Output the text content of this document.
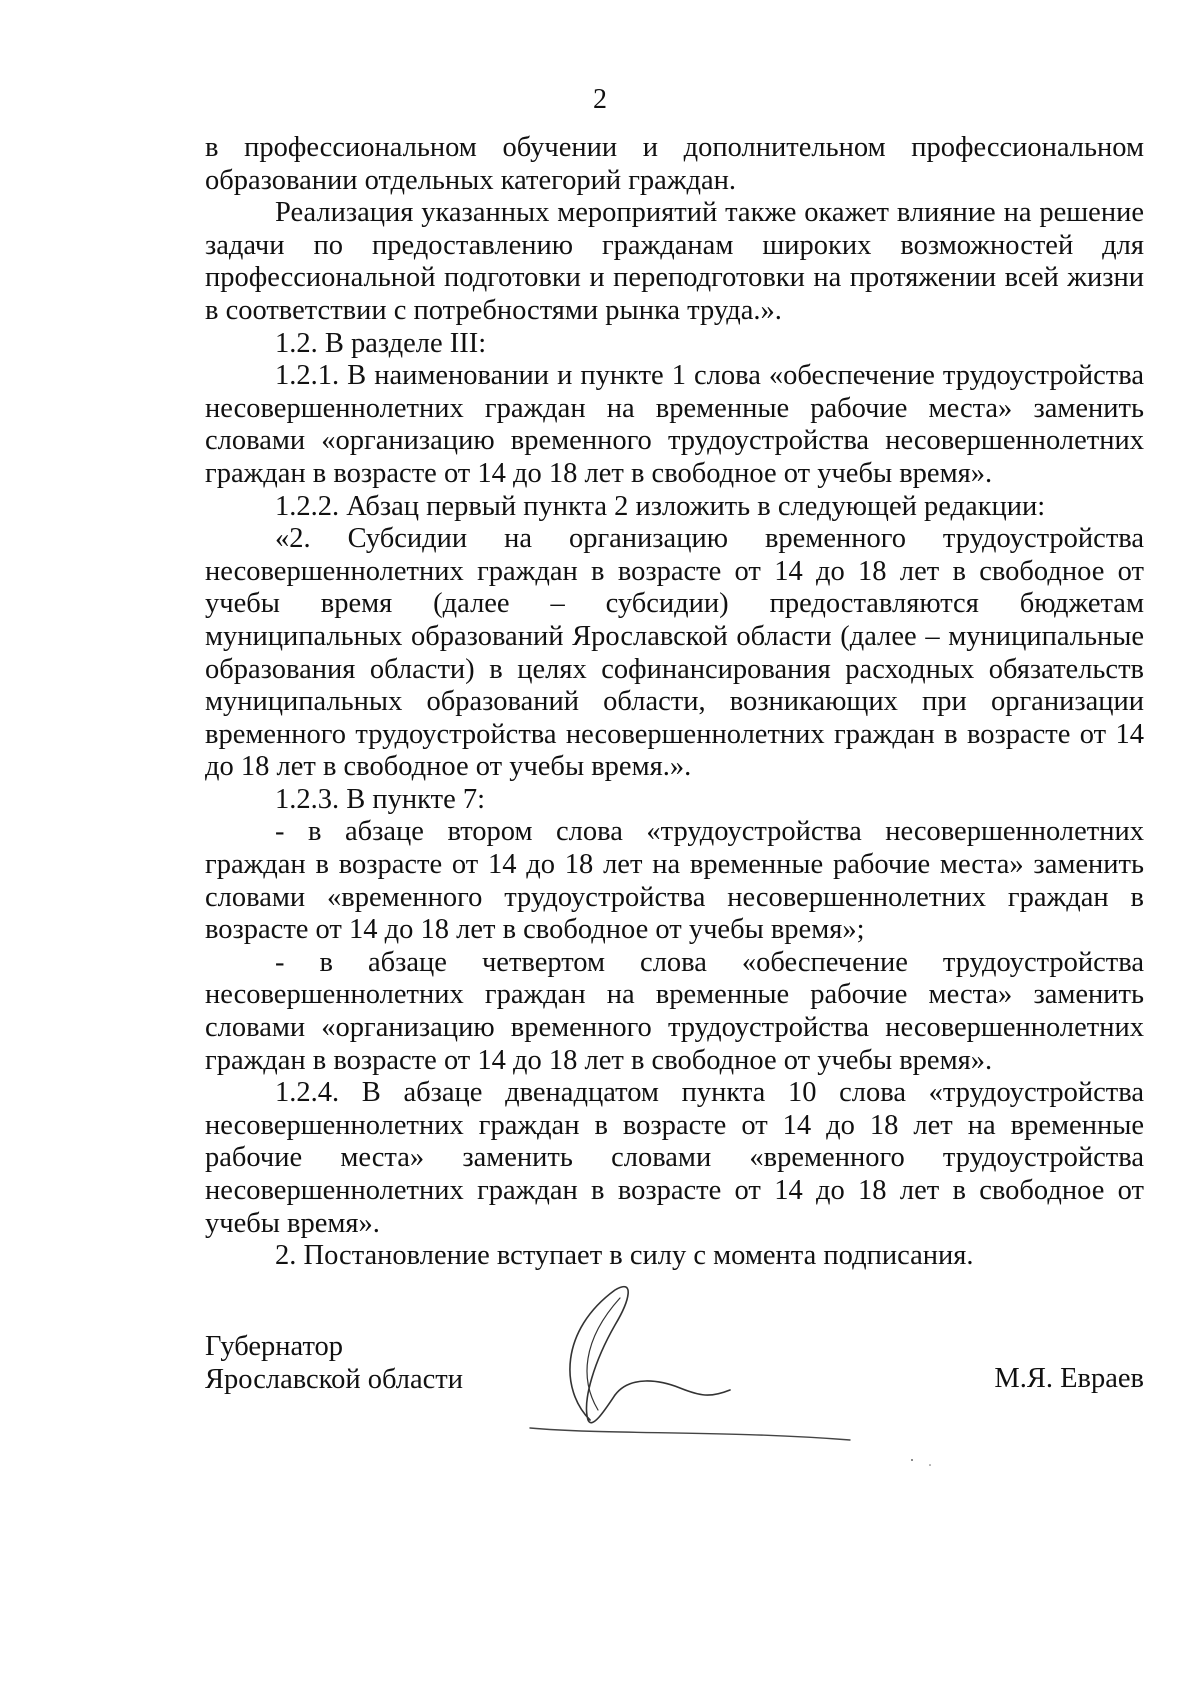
2

в профессиональном обучении и дополнительном профессиональном образовании отдельных категорий граждан.

Реализация указанных мероприятий также окажет влияние на решение задачи по предоставлению гражданам широких возможностей для профессиональной подготовки и переподготовки на протяжении всей жизни в соответствии с потребностями рынка труда.».

1.2. В разделе III:

1.2.1. В наименовании и пункте 1 слова «обеспечение трудоустройства несовершеннолетних граждан на временные рабочие места» заменить словами «организацию временного трудоустройства несовершеннолетних граждан в возрасте от 14 до 18 лет в свободное от учебы время».

1.2.2. Абзац первый пункта 2 изложить в следующей редакции:

«2. Субсидии на организацию временного трудоустройства несовершеннолетних граждан в возрасте от 14 до 18 лет в свободное от учебы время (далее – субсидии) предоставляются бюджетам муниципальных образований Ярославской области (далее – муниципальные образования области) в целях софинансирования расходных обязательств муниципальных образований области, возникающих при организации временного трудоустройства несовершеннолетних граждан в возрасте от 14 до 18 лет в свободное от учебы время.».

1.2.3. В пункте 7:

- в абзаце втором слова «трудоустройства несовершеннолетних граждан в возрасте от 14 до 18 лет на временные рабочие места» заменить словами «временного трудоустройства несовершеннолетних граждан в возрасте от 14 до 18 лет в свободное от учебы время»;

- в абзаце четвертом слова «обеспечение трудоустройства несовершеннолетних граждан на временные рабочие места» заменить словами «организацию временного трудоустройства несовершеннолетних граждан в возрасте от 14 до 18 лет в свободное от учебы время».

1.2.4. В абзаце двенадцатом пункта 10 слова «трудоустройства несовершеннолетних граждан в возрасте от 14 до 18 лет на временные рабочие места» заменить словами «временного трудоустройства несовершеннолетних граждан в возрасте от 14 до 18 лет в свободное от учебы время».

2. Постановление вступает в силу с момента подписания.

Губернатор
Ярославской области	М.Я. Евраев
